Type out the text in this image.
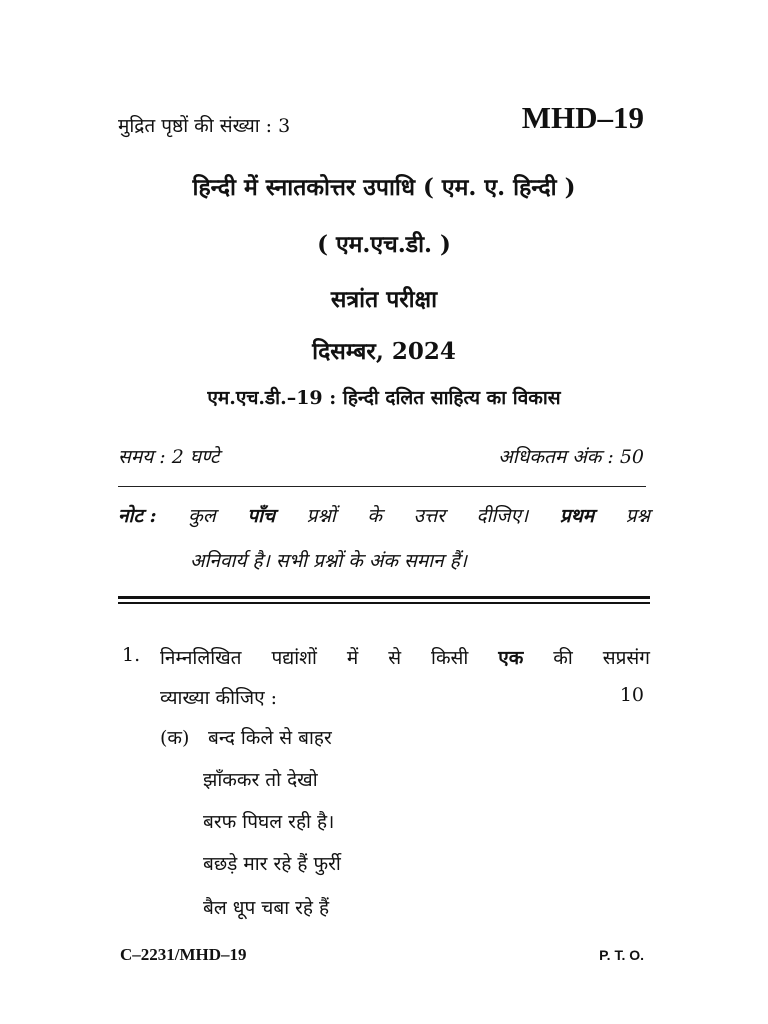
मुद्रित पृष्ठों की संख्या : 3	MHD–19
हिन्दी में स्नातकोत्तर उपाधि ( एम. ए. हिन्दी )
( एम.एच.डी. )
सत्रांत परीक्षा
दिसम्बर, 2024
एम.एच.डी.–19 : हिन्दी दलित साहित्य का विकास
समय : 2 घण्टे	अधिकतम अंक : 50
नोट : कुल पाँच प्रश्नों के उत्तर दीजिए। प्रथम प्रश्न
अनिवार्य है। सभी प्रश्नों के अंक समान हैं।
1. निम्नलिखित पद्यांशों में से किसी एक की सप्रसंग
व्याख्या कीजिए :	10
(क) बन्द किले से बाहर
झाँककर तो देखो
बरफ पिघल रही है।
बछड़े मार रहे हैं फुर्री
बैल धूप चबा रहे हैं
C–2231/MHD–19	P. T. O.
